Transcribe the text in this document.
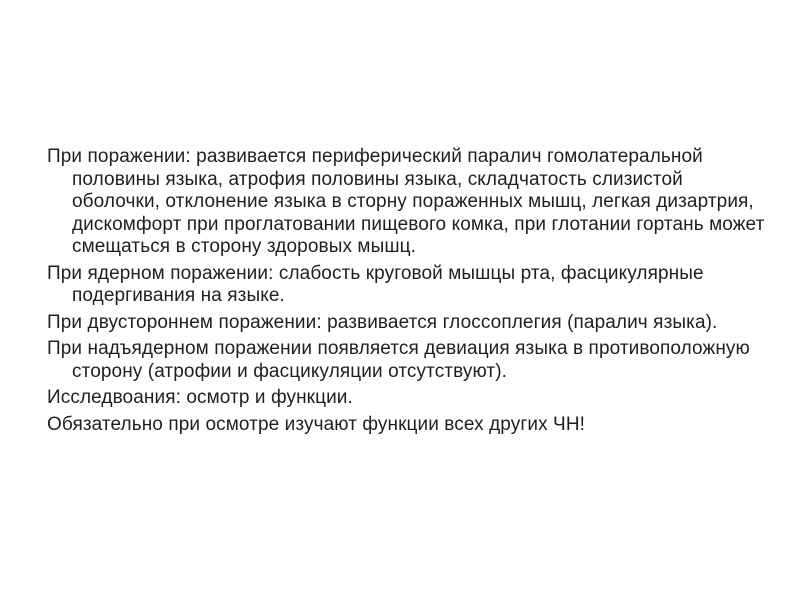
При поражении: развивается периферический паралич гомолатеральной половины языка, атрофия половины языка, складчатость слизистой оболочки, отклонение языка в сторну пораженных мышц, легкая дизартрия, дискомфорт при проглатовании пищевого комка, при глотании гортань может смещаться в сторону здоровых мышц.

При ядерном поражении: слабость круговой мышцы рта, фасцикулярные подергивания на языке.

При двустороннем поражении: развивается глоссоплегия (паралич языка).

При надъядерном поражении появляется девиация языка в противоположную сторону (атрофии и фасцикуляции отсутствуют).

Исследвоания: осмотр и функции.

Обязательно при осмотре изучают функции всех других ЧН!
